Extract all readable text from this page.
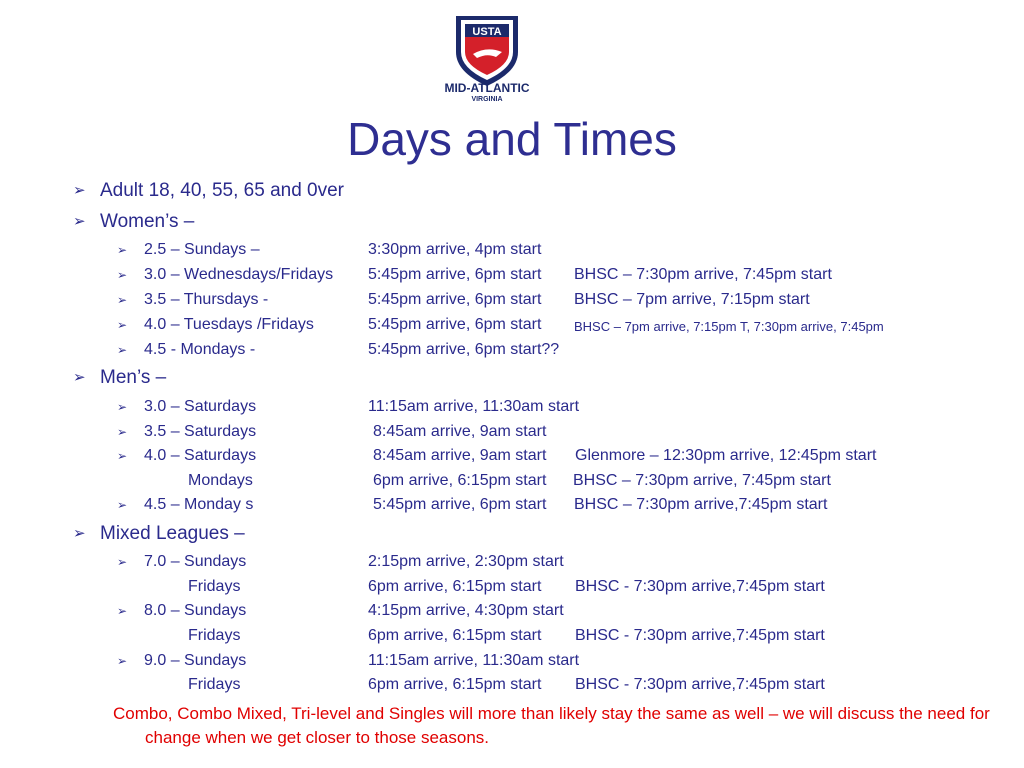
USTA
MID-ATLANTIC
VIRGINIA
Days and Times
➢ Adult 18, 40, 55, 65 and 0ver
➢ Women’s –
➢ 2.5 – Sundays –	3:30pm arrive, 4pm start
➢ 3.0 – Wednesdays/Fridays 5:45pm arrive, 6pm start BHSC – 7:30pm arrive, 7:45pm start
➢ 3.5 – Thursdays -	5:45pm arrive, 6pm start BHSC – 7pm arrive, 7:15pm start
➢ 4.0 – Tuesdays /Fridays	5:45pm arrive, 6pm start	BHSC – 7pm arrive, 7:15pm T, 7:30pm arrive, 7:45pm
➢ 4.5 - Mondays -	5:45pm arrive, 6pm start??
➢ Men’s –
➢ 3.0 – Saturdays	11:15am arrive, 11:30am start
➢ 3.5 – Saturdays	8:45am arrive, 9am start
➢ 4.0 – Saturdays	8:45am arrive, 9am start Glenmore – 12:30pm arrive, 12:45pm start
Mondays	6pm arrive, 6:15pm start BHSC – 7:30pm arrive, 7:45pm start
➢ 4.5 – Monday s	5:45pm arrive, 6pm start BHSC – 7:30pm arrive,7:45pm start
➢ Mixed Leagues –
➢ 7.0 – Sundays	2:15pm arrive, 2:30pm start
Fridays	6pm arrive, 6:15pm start BHSC - 7:30pm arrive,7:45pm start
➢ 8.0 – Sundays	4:15pm arrive, 4:30pm start
Fridays	6pm arrive, 6:15pm start BHSC - 7:30pm arrive,7:45pm start
➢ 9.0 – Sundays	11:15am arrive, 11:30am start
Fridays	6pm arrive, 6:15pm start BHSC - 7:30pm arrive,7:45pm start
Combo, Combo Mixed, Tri-level and Singles will more than likely stay the same as well – we will discuss the need for change when we get closer to those seasons.
